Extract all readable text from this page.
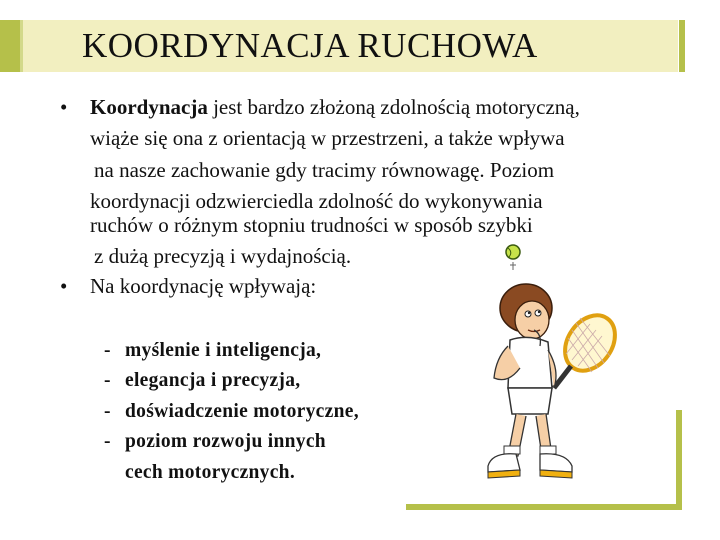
KOORDYNACJA RUCHOWA
• Koordynacja jest bardzo złożoną zdolnością motoryczną,
wiąże się ona z orientacją w przestrzeni, a także wpływa
na nasze zachowanie gdy tracimy równowagę. Poziom
koordynacji odzwierciedla zdolność do wykonywania
ruchów o różnym stopniu trudności w sposób szybki
z dużą precyzją i wydajnością.
• Na koordynację wpływają:
- myślenie i inteligencja,
- elegancja i precyzja,
- doświadczenie motoryczne,
- poziom rozwoju innych
cech motorycznych.
